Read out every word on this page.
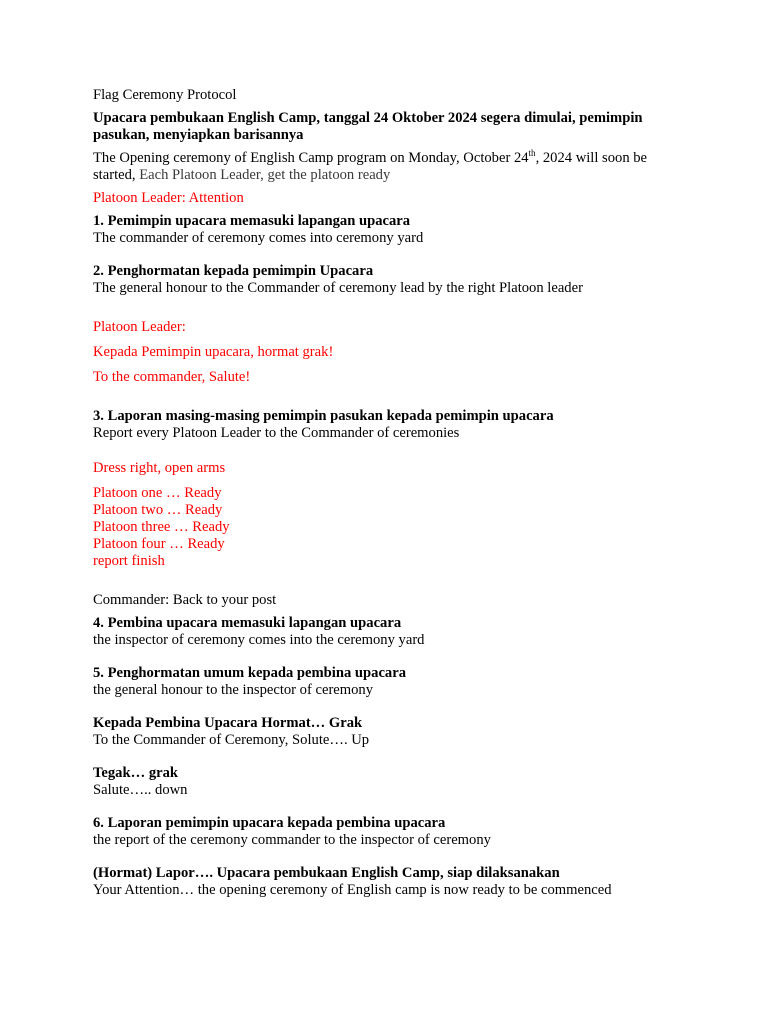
Flag Ceremony Protocol

Upacara pembukaan English Camp, tanggal 24 Oktober 2024 segera dimulai, pemimpin pasukan, menyiapkan barisannya

The Opening ceremony of English Camp program on Monday, October 24th, 2024 will soon be started, Each Platoon Leader, get the platoon ready

Platoon Leader: Attention

1. Pemimpin upacara memasuki lapangan upacara

The commander of ceremony comes into ceremony yard

2. Penghormatan kepada pemimpin Upacara

The general honour to the Commander of ceremony lead by the right Platoon leader

Platoon Leader:

Kepada Pemimpin upacara, hormat grak!

To the commander, Salute!

3. Laporan masing-masing pemimpin pasukan kepada pemimpin upacara

Report every Platoon Leader to the Commander of ceremonies

Dress right, open arms

Platoon one … Ready

Platoon two … Ready

Platoon three … Ready

Platoon four … Ready

report finish

Commander: Back to your post

4. Pembina upacara memasuki lapangan upacara

the inspector of ceremony comes into the ceremony yard

5. Penghormatan umum kepada pembina upacara

the general honour to the inspector of ceremony

Kepada Pembina Upacara Hormat… Grak

To the Commander of Ceremony, Solute…. Up

Tegak… grak

Salute….. down

6. Laporan pemimpin upacara kepada pembina upacara

the report of the ceremony commander to the inspector of ceremony

(Hormat) Lapor…. Upacara pembukaan English Camp, siap dilaksanakan

Your Attention… the opening ceremony of English camp is now ready to be commenced
